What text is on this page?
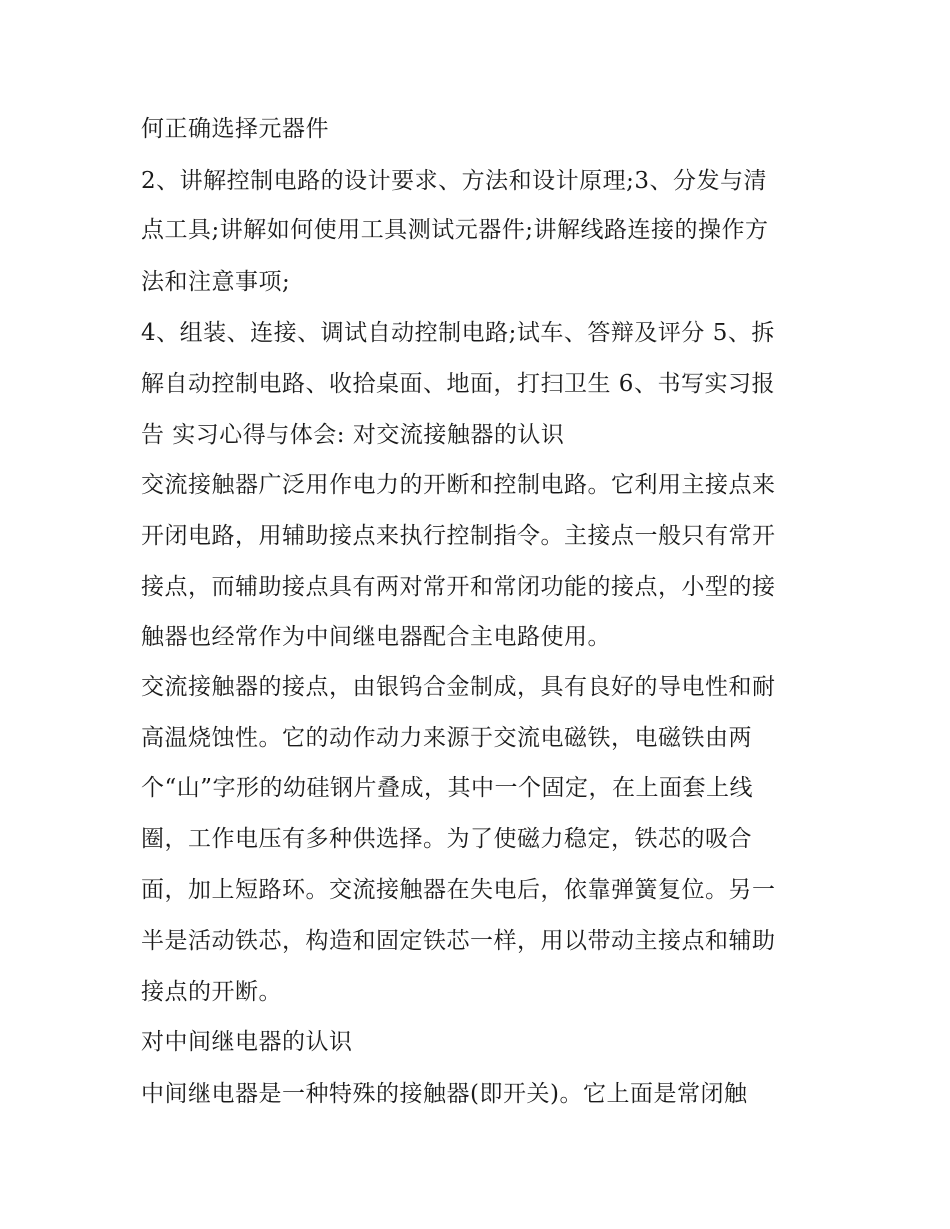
何正确选择元器件
2、讲解控制电路的设计要求、方法和设计原理;3、分发与清
点工具;讲解如何使用工具测试元器件;讲解线路连接的操作方
法和注意事项;
4、组装、连接、调试自动控制电路;试车、答辩及评分 5、拆
解自动控制电路、收拾桌面、地面，打扫卫生 6、书写实习报
告 实习心得与体会: 对交流接触器的认识
交流接触器广泛用作电力的开断和控制电路。它利用主接点来
开闭电路，用辅助接点来执行控制指令。主接点一般只有常开
接点，而辅助接点具有两对常开和常闭功能的接点，小型的接
触器也经常作为中间继电器配合主电路使用。
交流接触器的接点，由银钨合金制成，具有良好的导电性和耐
高温烧蚀性。它的动作动力来源于交流电磁铁，电磁铁由两
个“山”字形的幼硅钢片叠成，其中一个固定，在上面套上线
圈，工作电压有多种供选择。为了使磁力稳定，铁芯的吸合
面，加上短路环。交流接触器在失电后，依靠弹簧复位。另一
半是活动铁芯，构造和固定铁芯一样，用以带动主接点和辅助
接点的开断。
对中间继电器的认识
中间继电器是一种特殊的接触器(即开关)。它上面是常闭触
